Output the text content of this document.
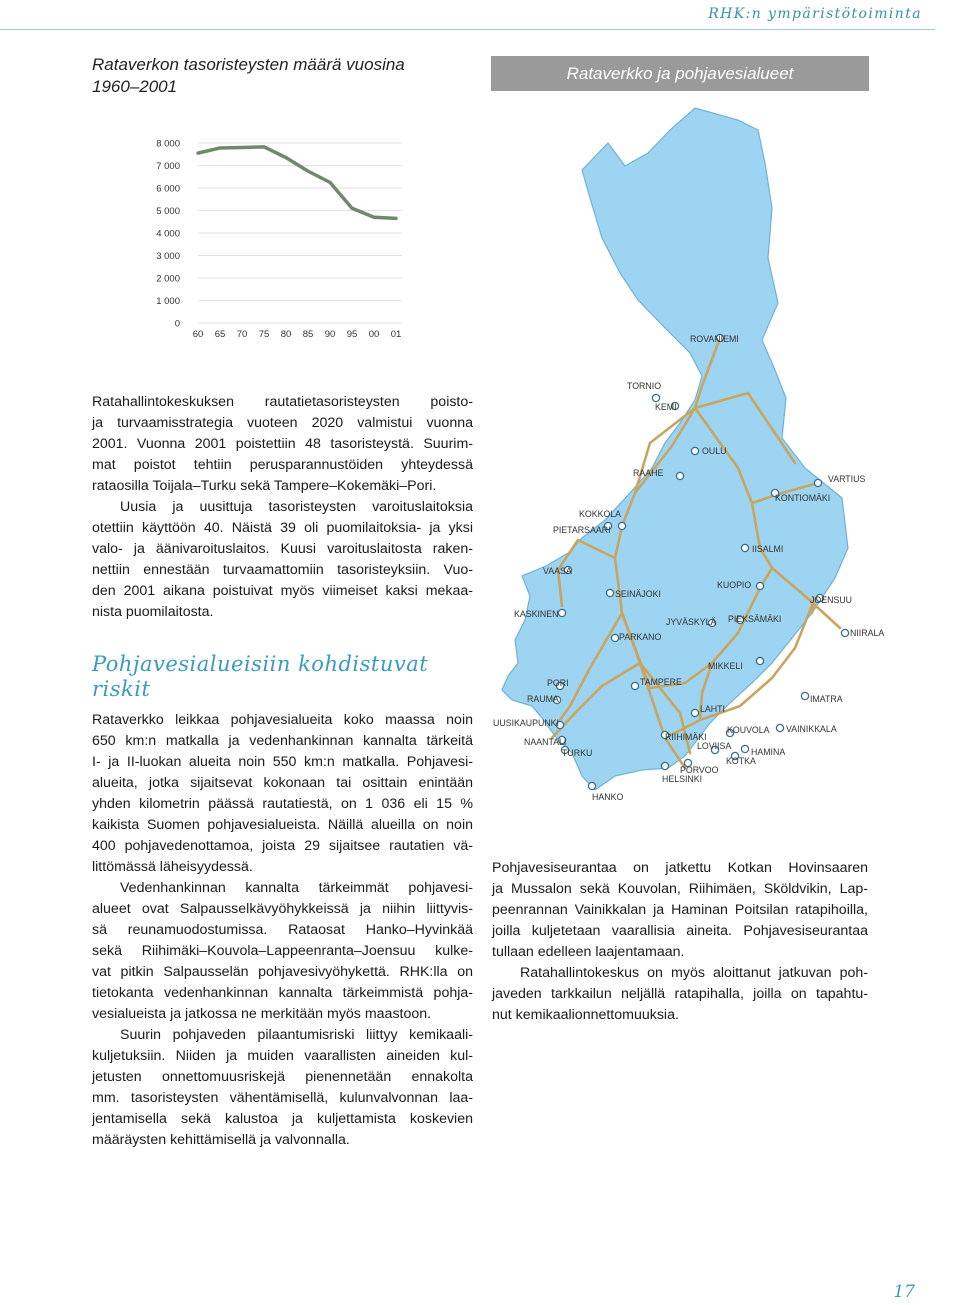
RHK:n ympäristötoiminta
Rataverkon tasoristeysten määrä vuosina
1960–2001
Rataverkko ja pohjavesialueet
0
1 000
2 000
3 000
4 000
5 000
6 000
7 000
8 000
60 65 70 75 80 85 90 95 00 01

Ratahallintokeskuksen rautatietasoristeysten poisto-

ja turvaamisstrategia vuoteen 2020 valmistui vuonna

2001. Vuonna 2001 poistettiin 48 tasoristeystä. Suurim-

mat poistot tehtiin perusparannustöiden yhteydessä

rataosilla Toijala–Turku sekä Tampere–Kokemäki–Pori.

Uusia ja uusittuja tasoristeysten varoituslaitoksia

otettiin käyttöön 40. Näistä 39 oli puomilaitoksia- ja yksi

valo- ja äänivaroituslaitos. Kuusi varoituslaitosta raken-

nettiin ennestään turvaamattomiin tasoristeyksiin. Vuo-

den 2001 aikana poistuivat myös viimeiset kaksi mekaa-

nista puomilaitosta.

Pohjavesialueisiin kohdistuvat
riskit

Rataverkko leikkaa pohjavesialueita koko maassa noin

650 km:n matkalla ja vedenhankinnan kannalta tärkeitä

I- ja II-luokan alueita noin 550 km:n matkalla. Pohjavesi-

alueita, jotka sijaitsevat kokonaan tai osittain enintään

yhden kilometrin päässä rautatiestä, on 1 036 eli 15 %

kaikista Suomen pohjavesialueista. Näillä alueilla on noin

400 pohjavedenottamoa, joista 29 sijaitsee rautatien vä-

littömässä läheisyydessä.

Vedenhankinnan kannalta tärkeimmät pohjavesi-

alueet ovat Salpausselkävyöhykkeissä ja niihin liittyvis-

sä reunamuodostumissa. Rataosat Hanko–Hyvinkää

sekä Riihimäki–Kouvola–Lappeenranta–Joensuu kulke-

vat pitkin Salpausselän pohjavesivyöhykettä. RHK:lla on

tietokanta vedenhankinnan kannalta tärkeimmistä pohja-

vesialueista ja jatkossa ne merkitään myös maastoon.

Suurin pohjaveden pilaantumisriski liittyy kemikaali-

kuljetuksiin. Niiden ja muiden vaarallisten aineiden kul-

jetusten onnettomuusriskejä pienennetään ennakolta

mm. tasoristeysten vähentämisellä, kulunvalvonnan laa-

jentamisella sekä kalustoa ja kuljettamista koskevien

määräysten kehittämisellä ja valvonnalla.

ROVANIEMI
TORNIO
KEMI
OULU
RAAHE
VARTIUS
KONTIOMÄKI
KOKKOLA
PIETARSAARI
IISALMI
VAASA
SEINÄJOKI
KUOPIO
JOENSUU
KASKINEN
JYVÄSKYLÄ PIEKSÄMÄKI
NIIRALA
PARKANO
MIKKELI
PORI	TAMPERE
RAUMA	IMATRA
LAHTI
UUSIKAUPUNKI
KOUVOLA VAINIKKALA
NAANTALI	RIIHIMÄKI
TURKU
LOVIISA
HAMINA
KOTKA
PORVOO
HELSINKI
HANKO

Pohjavesiseurantaa on jatkettu Kotkan Hovinsaaren

ja Mussalon sekä Kouvolan, Riihimäen, Sköldvikin, Lap-

peenrannan Vainikkalan ja Haminan Poitsilan ratapihoilla,

joilla kuljetetaan vaarallisia aineita. Pohjavesiseurantaa

tullaan edelleen laajentamaan.

Ratahallintokeskus on myös aloittanut jatkuvan poh-

javeden tarkkailun neljällä ratapihalla, joilla on tapahtu-

nut kemikaalionnettomuuksia.

17
